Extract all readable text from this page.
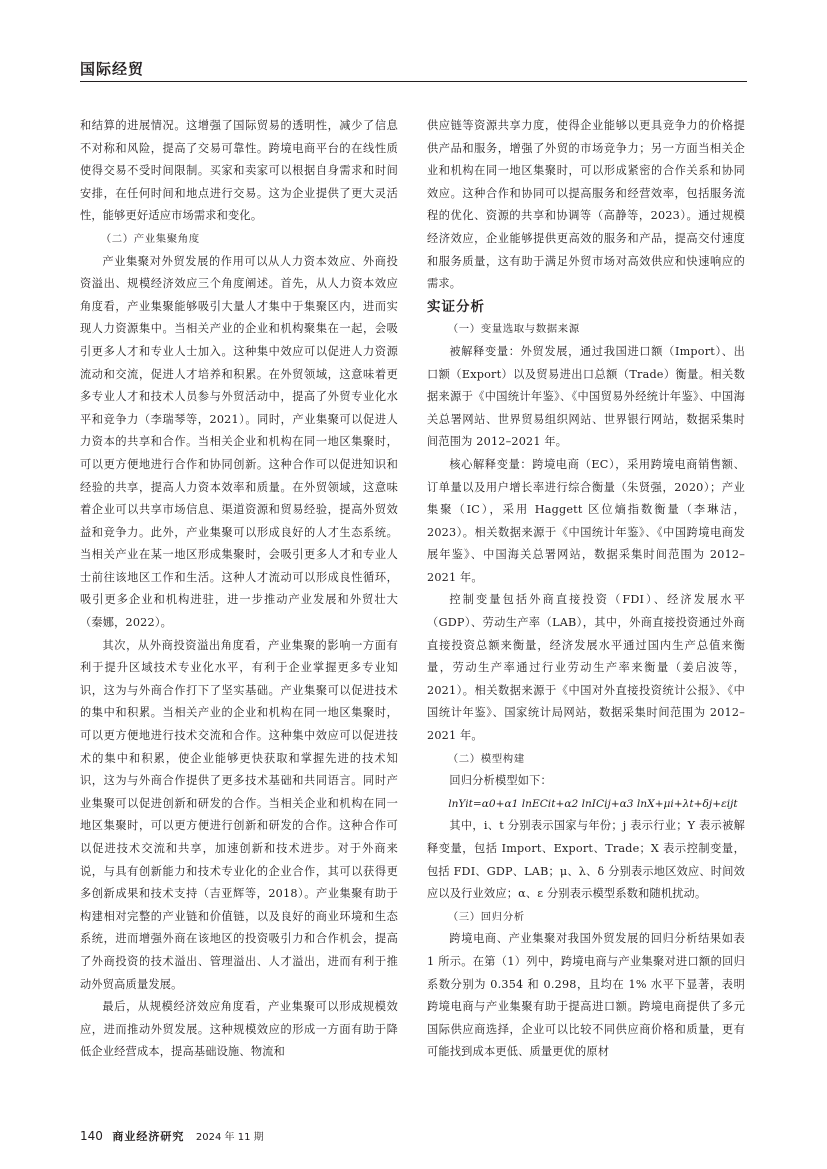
国际经贸

和结算的进展情况。这增强了国际贸易的透明性，减少了信息不对称和风险，提高了交易可靠性。跨境电商平台的在线性质使得交易不受时间限制。买家和卖家可以根据自身需求和时间安排，在任何时间和地点进行交易。这为企业提供了更大灵活性，能够更好适应市场需求和变化。

（二）产业集聚角度

产业集聚对外贸发展的作用可以从人力资本效应、外商投资溢出、规模经济效应三个角度阐述。首先，从人力资本效应角度看，产业集聚能够吸引大量人才集中于集聚区内，进而实现人力资源集中。当相关产业的企业和机构聚集在一起，会吸引更多人才和专业人士加入。这种集中效应可以促进人力资源流动和交流，促进人才培养和积累。在外贸领域，这意味着更多专业人才和技术人员参与外贸活动中，提高了外贸专业化水平和竞争力（李瑞琴等，2021）。同时，产业集聚可以促进人力资本的共享和合作。当相关企业和机构在同一地区集聚时，可以更方便地进行合作和协同创新。这种合作可以促进知识和经验的共享，提高人力资本效率和质量。在外贸领域，这意味着企业可以共享市场信息、渠道资源和贸易经验，提高外贸效益和竞争力。此外，产业集聚可以形成良好的人才生态系统。当相关产业在某一地区形成集聚时，会吸引更多人才和专业人士前往该地区工作和生活。这种人才流动可以形成良性循环，吸引更多企业和机构进驻，进一步推动产业发展和外贸壮大（秦娜，2022）。

其次，从外商投资溢出角度看，产业集聚的影响一方面有利于提升区域技术专业化水平，有利于企业掌握更多专业知识，这为与外商合作打下了坚实基础。产业集聚可以促进技术的集中和积累。当相关产业的企业和机构在同一地区集聚时，可以更方便地进行技术交流和合作。这种集中效应可以促进技术的集中和积累，使企业能够更快获取和掌握先进的技术知识，这为与外商合作提供了更多技术基础和共同语言。同时产业集聚可以促进创新和研发的合作。当相关企业和机构在同一地区集聚时，可以更方便进行创新和研发的合作。这种合作可以促进技术交流和共享，加速创新和技术进步。对于外商来说，与具有创新能力和技术专业化的企业合作，其可以获得更多创新成果和技术支持（吉亚辉等，2018）。产业集聚有助于构建相对完整的产业链和价值链，以及良好的商业环境和生态系统，进而增强外商在该地区的投资吸引力和合作机会，提高了外商投资的技术溢出、管理溢出、人才溢出，进而有利于推动外贸高质量发展。

最后，从规模经济效应角度看，产业集聚可以形成规模效应，进而推动外贸发展。这种规模效应的形成一方面有助于降低企业经营成本，提高基础设施、物流和

供应链等资源共享力度，使得企业能够以更具竞争力的价格提供产品和服务，增强了外贸的市场竞争力；另一方面当相关企业和机构在同一地区集聚时，可以形成紧密的合作关系和协同效应。这种合作和协同可以提高服务和经营效率，包括服务流程的优化、资源的共享和协调等（高静等，2023）。通过规模经济效应，企业能够提供更高效的服务和产品，提高交付速度和服务质量，这有助于满足外贸市场对高效供应和快速响应的需求。

实证分析

（一）变量选取与数据来源

被解释变量：外贸发展，通过我国进口额（Import）、出口额（Export）以及贸易进出口总额（Trade）衡量。相关数据来源于《中国统计年鉴》、《中国贸易外经统计年鉴》、中国海关总署网站、世界贸易组织网站、世界银行网站，数据采集时间范围为 2012–2021 年。

核心解释变量：跨境电商（EC），采用跨境电商销售额、订单量以及用户增长率进行综合衡量（朱贤强，2020）；产业集聚（IC），采用 Haggett 区位熵指数衡量（李琳洁，2023）。相关数据来源于《中国统计年鉴》、《中国跨境电商发展年鉴》、中国海关总署网站，数据采集时间范围为 2012–2021 年。

控制变量包括外商直接投资（FDI）、经济发展水平（GDP）、劳动生产率（LAB），其中，外商直接投资通过外商直接投资总额来衡量，经济发展水平通过国内生产总值来衡量，劳动生产率通过行业劳动生产率来衡量（姜启波等，2021）。相关数据来源于《中国对外直接投资统计公报》、《中国统计年鉴》、国家统计局网站，数据采集时间范围为 2012–2021 年。

（二）模型构建

回归分析模型如下：

lnYit=α0+α1 lnECit+α2 lnICij+α3 lnX+μi+λt+δj+εijt

其中，i、t 分别表示国家与年份；j 表示行业；Y 表示被解释变量，包括 Import、Export、Trade；X 表示控制变量，包括 FDI、GDP、LAB；μ、λ、δ 分别表示地区效应、时间效应以及行业效应；α、ε 分别表示模型系数和随机扰动。

（三）回归分析

跨境电商、产业集聚对我国外贸发展的回归分析结果如表 1 所示。在第（1）列中，跨境电商与产业集聚对进口额的回归系数分别为 0.354 和 0.298，且均在 1% 水平下显著，表明跨境电商与产业集聚有助于提高进口额。跨境电商提供了多元国际供应商选择，企业可以比较不同供应商价格和质量，更有可能找到成本更低、质量更优的原材

140 商业经济研究 2024 年 11 期
